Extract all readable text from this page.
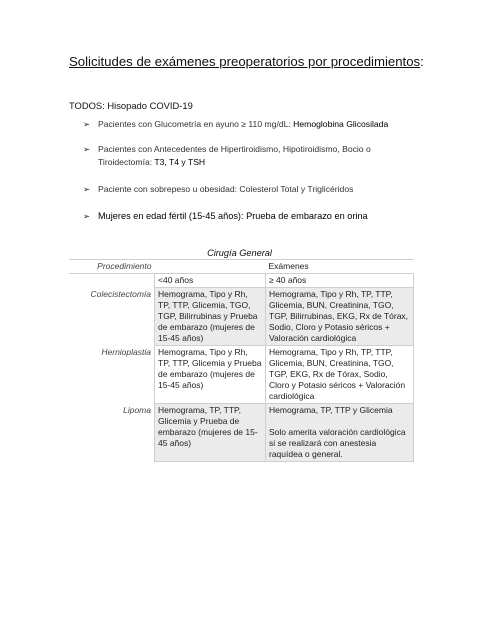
Solicitudes de exámenes preoperatorios por procedimientos:
TODOS: Hisopado COVID-19
➢ Pacientes con Glucometría en ayuno ≥ 110 mg/dL: Hemoglobina Glicosilada
➢ Pacientes con Antecedentes de Hipertiroidismo, Hipotiroidismo, Bocio o Tiroidectomía: T3, T4 y TSH
➢ Paciente con sobrepeso u obesidad: Colesterol Total y Triglicéridos
➢ Mujeres en edad fértil (15-45 años): Prueba de embarazo en orina
Cirugía General
Procedimiento		Exámenes
	<40 años	≥ 40 años
Colecistectomía	Hemograma, Tipo y Rh, TP, TTP, Glicemia, TGO, TGP, Bilirrubinas y Prueba de embarazo (mujeres de 15-45 años)	Hemograma, Tipo y Rh, TP, TTP, Glicemia, BUN, Creatinina, TGO, TGP, Bilirrubinas, EKG, Rx de Tórax, Sodio, Cloro y Potasio séricos + Valoración cardiológica
Hernioplastia	Hemograma, Tipo y Rh, TP, TTP, Glicemia y Prueba de embarazo (mujeres de 15-45 años)	Hemograma, Tipo y Rh, TP, TTP, Glicemia, BUN, Creatinina, TGO, TGP, EKG, Rx de Tórax, Sodio, Cloro y Potasio séricos + Valoración cardiológica
Lipoma	Hemograma, TP, TTP, Glicemia y Prueba de embarazo (mujeres de 15-45 años)	Hemograma, TP, TTP y Glicemia
Solo amerita valoración cardiológica si se realizará con anestesia raquídea o general.
